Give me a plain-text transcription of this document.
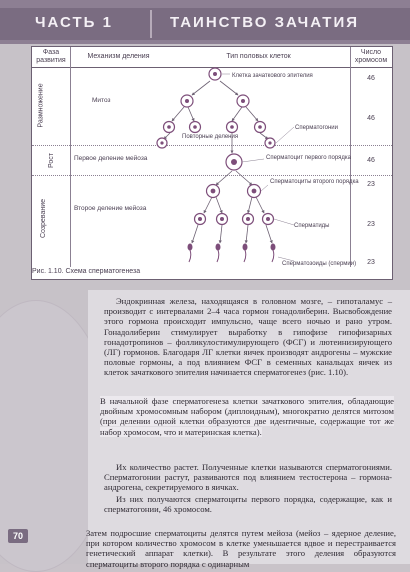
ЧАСТЬ 1	ТАИНСТВО ЗАЧАТИЯ
Фаза развития
Механизм деления	Тип половых клеток
Число хромосом
Размножение
Рост
Созревание
Митоз
Первое деление мейоза
Второе деление мейоза
46
46
46
23
23
23
Клетка зачаткового эпителия
Сперматогонии
Повторные деления
Сперматоцит первого порядка
Сперматоциты второго порядка
Сперматиды
Сперматозоиды (спермии)
Рис. 1.10. Схема сперматогенеза
Эндокринная железа, находящаяся в головном мозге, – гипоталамус – производит с интервалами 2–4 часа гормон гонадолиберин. Высвобождение этого гормона происходит импульсно, чаще всего ночью и рано утром. Гонадолиберин стимулирует выработку в гипофизе гипофизарных гонадотропинов – фолликулостимулирующего (ФСГ) и лютеинизирующего (ЛГ) гормонов. Благодаря ЛГ клетки яичек производят андрогены – мужские половые гормоны, а под влиянием ФСГ в семенных канальцах яичек из клеток зачаткового эпителия начинается сперматогенез (рис. 1.10).
В начальной фазе сперматогенеза клетки зачаткового эпителия, обладающие двойным хромосомным набором (диплоидным), многократно делятся митозом (при делении одной клетки образуются две идентичные, содержащие тот же набор хромосом, что и материнская клетка).
Их количество растет. Полученные клетки называются сперматогониями. Сперматогонии растут, развиваются под влиянием тестостерона – гормона-андрогена, секретируемого в яичках.
Из них получаются сперматоциты первого порядка, содержащие, как и сперматогонии, 46 хромосом.
Затем подросшие сперматоциты делятся путем мейоза (мейоз – ядерное деление, при котором количество хромосом в клетке уменьшается вдвое и перестраивается генетический аппарат клетки). В результате этого деления образуются сперматоциты второго порядка с одинарным
70
